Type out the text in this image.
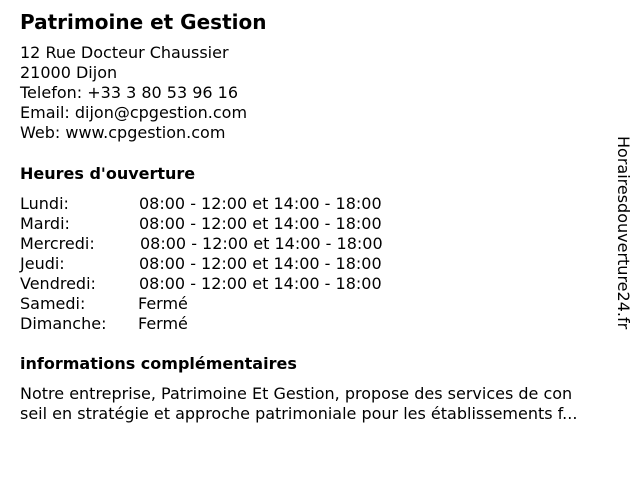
Patrimoine et Gestion
12 Rue Docteur Chaussier
21000 Dijon
Telefon: +33 3 80 53 96 16
Email: dijon@cpgestion.com
Web: www.cpgestion.com
Heures d'ouverture
Lundi:	08:00 - 12:00 et 14:00 - 18:00
Mardi:	08:00 - 12:00 et 14:00 - 18:00
Mercredi:	08:00 - 12:00 et 14:00 - 18:00
Jeudi:	08:00 - 12:00 et 14:00 - 18:00
Vendredi:	08:00 - 12:00 et 14:00 - 18:00
Samedi:	Fermé
Dimanche: Fermé
informations complémentaires
Notre entreprise, Patrimoine Et Gestion, propose des services de con
seil en stratégie et approche patrimoniale pour les établissements f...
Horairesdouverture24.fr
